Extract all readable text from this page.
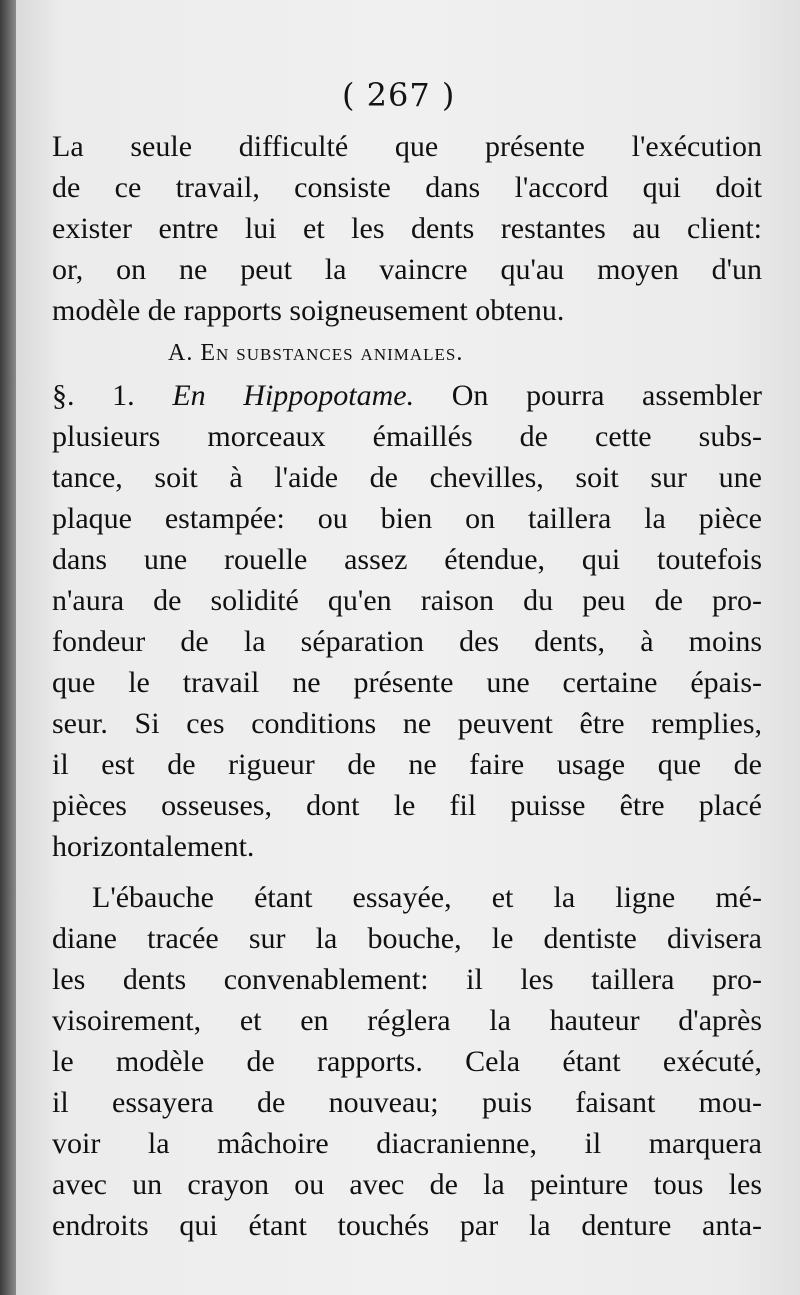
( 267 )
La seule difficulté que présente l'exécution
de ce travail, consiste dans l'accord qui doit
exister entre lui et les dents restantes au client:
or, on ne peut la vaincre qu'au moyen d'un
modèle de rapports soigneusement obtenu.
A. En substances animales.
§. 1. En Hippopotame. On pourra assembler
plusieurs morceaux émaillés de cette subs-
tance, soit à l'aide de chevilles, soit sur une
plaque estampée: ou bien on taillera la pièce
dans une rouelle assez étendue, qui toutefois
n'aura de solidité qu'en raison du peu de pro-
fondeur de la séparation des dents, à moins
que le travail ne présente une certaine épais-
seur. Si ces conditions ne peuvent être remplies,
il est de rigueur de ne faire usage que de
pièces osseuses, dont le fil puisse être placé
horizontalement.
L'ébauche étant essayée, et la ligne mé-
diane tracée sur la bouche, le dentiste divisera
les dents convenablement: il les taillera pro-
visoirement, et en réglera la hauteur d'après
le modèle de rapports. Cela étant exécuté,
il essayera de nouveau; puis faisant mou-
voir la mâchoire diacranienne, il marquera
avec un crayon ou avec de la peinture tous les
endroits qui étant touchés par la denture anta-
